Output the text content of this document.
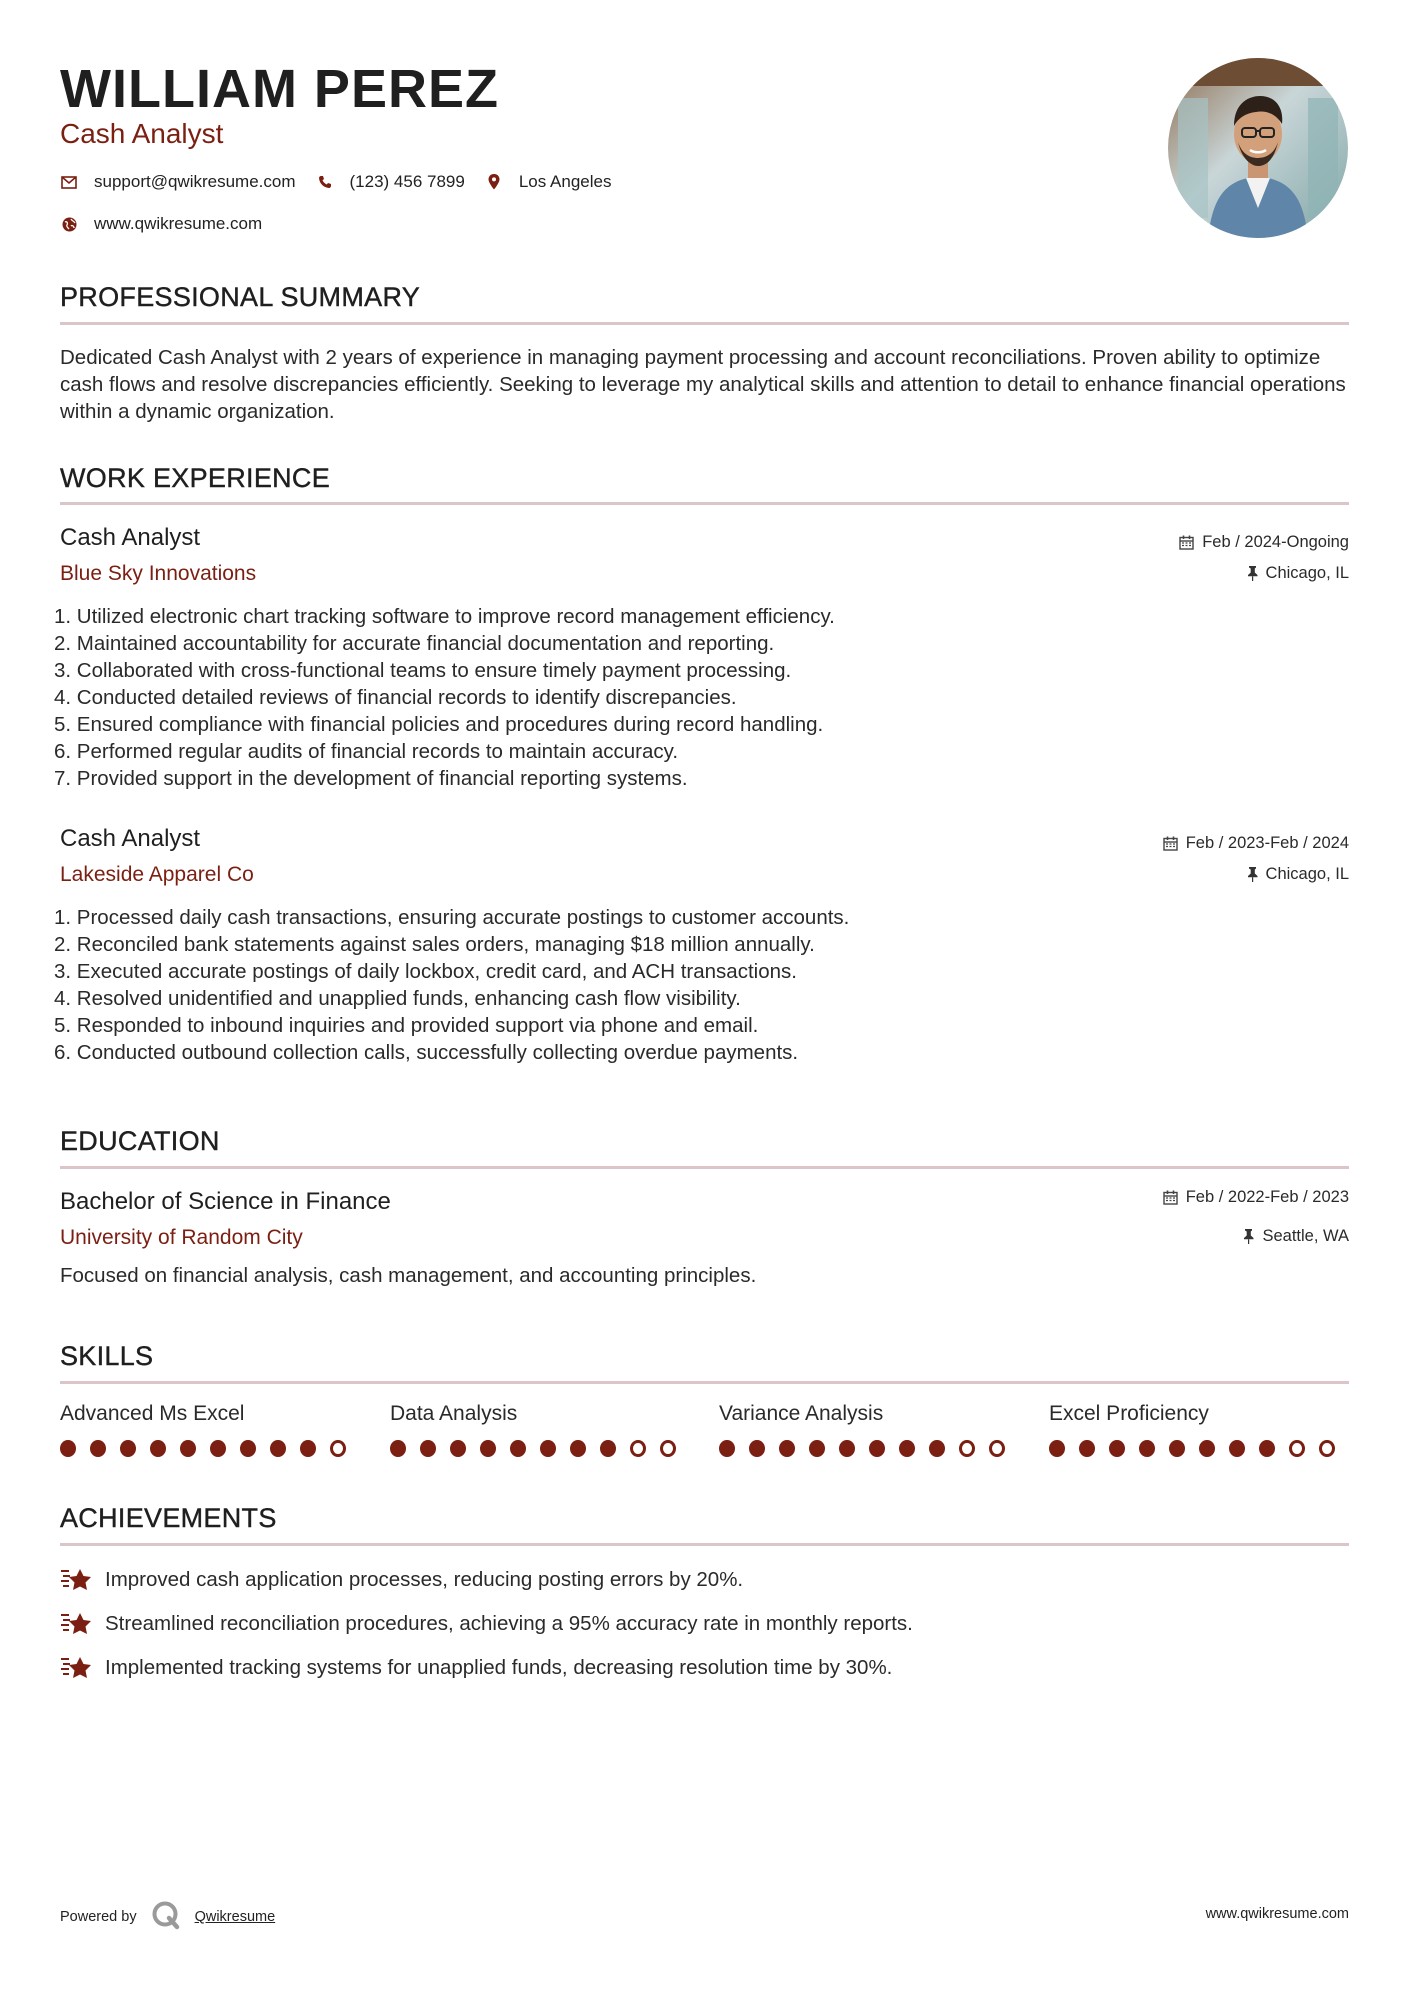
WILLIAM PEREZ
Cash Analyst
support@qwikresume.com	(123) 456 7899	Los Angeles
www.qwikresume.com
PROFESSIONAL SUMMARY
Dedicated Cash Analyst with 2 years of experience in managing payment processing and account reconciliations. Proven ability to optimize cash flows and resolve discrepancies efficiently. Seeking to leverage my analytical skills and attention to detail to enhance financial operations within a dynamic organization.
WORK EXPERIENCE
Cash Analyst
Blue Sky Innovations
Feb / 2024-Ongoing
Chicago, IL
1. Utilized electronic chart tracking software to improve record management efficiency.
2. Maintained accountability for accurate financial documentation and reporting.
3. Collaborated with cross-functional teams to ensure timely payment processing.
4. Conducted detailed reviews of financial records to identify discrepancies.
5. Ensured compliance with financial policies and procedures during record handling.
6. Performed regular audits of financial records to maintain accuracy.
7. Provided support in the development of financial reporting systems.
Cash Analyst
Lakeside Apparel Co
Feb / 2023-Feb / 2024
Chicago, IL
1. Processed daily cash transactions, ensuring accurate postings to customer accounts.
2. Reconciled bank statements against sales orders, managing $18 million annually.
3. Executed accurate postings of daily lockbox, credit card, and ACH transactions.
4. Resolved unidentified and unapplied funds, enhancing cash flow visibility.
5. Responded to inbound inquiries and provided support via phone and email.
6. Conducted outbound collection calls, successfully collecting overdue payments.
EDUCATION
Bachelor of Science in Finance
University of Random City
Feb / 2022-Feb / 2023
Seattle, WA
Focused on financial analysis, cash management, and accounting principles.
SKILLS
Advanced Ms Excel	Data Analysis	Variance Analysis	Excel Proficiency
ACHIEVEMENTS
Improved cash application processes, reducing posting errors by 20%.
Streamlined reconciliation procedures, achieving a 95% accuracy rate in monthly reports.
Implemented tracking systems for unapplied funds, decreasing resolution time by 30%.
Powered by	Qwikresume	www.qwikresume.com
